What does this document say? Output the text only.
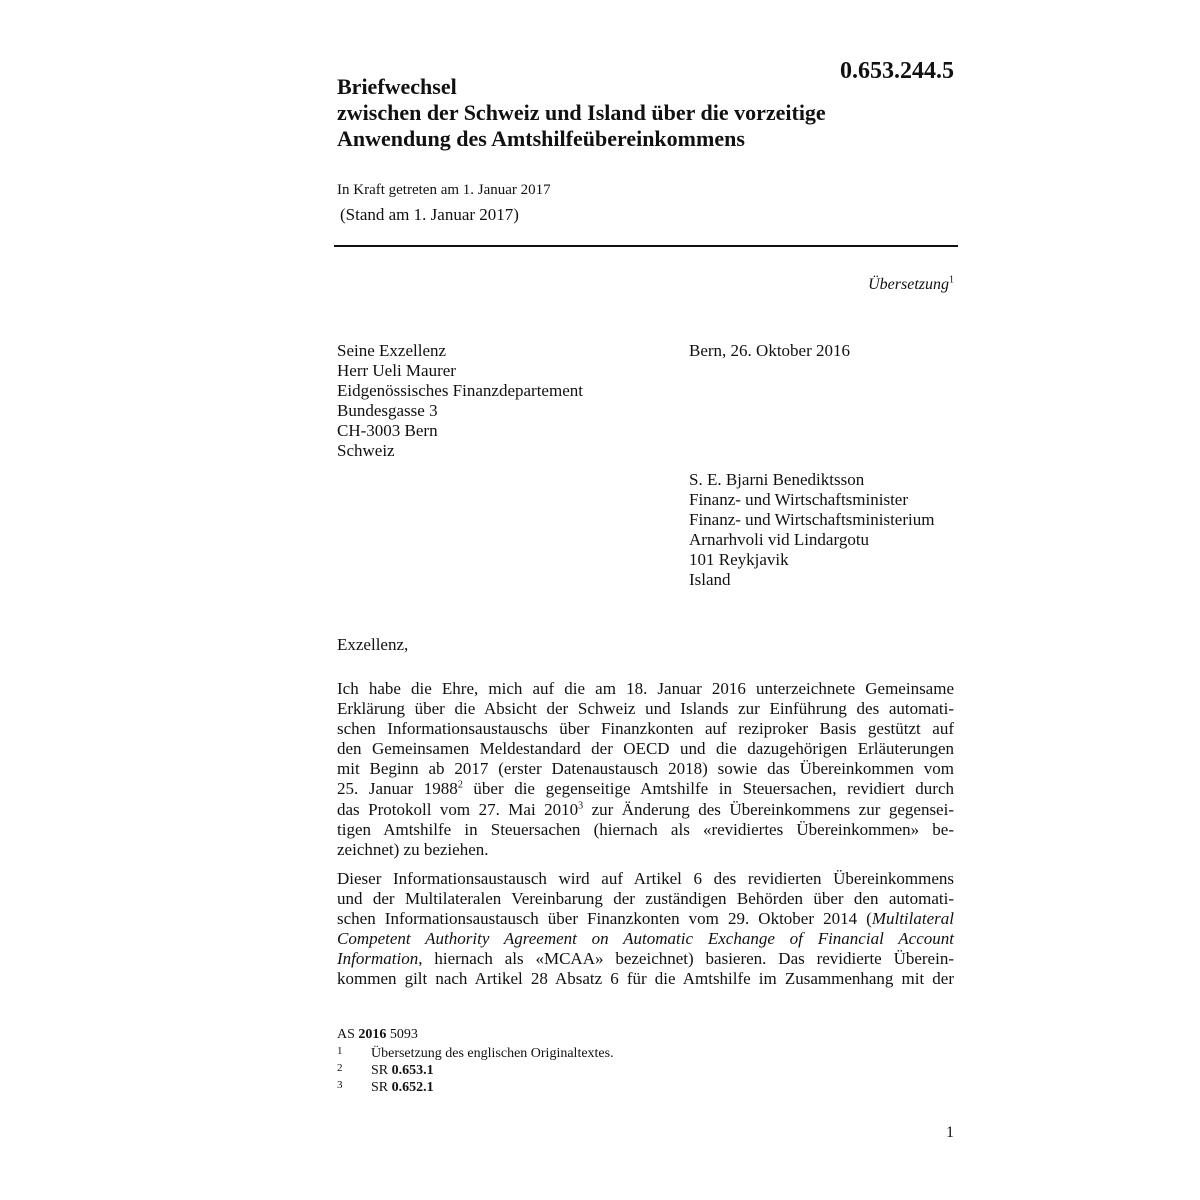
0.653.244.5
Briefwechsel
zwischen der Schweiz und Island über die vorzeitige
Anwendung des Amtshilfeübereinkommens
In Kraft getreten am 1. Januar 2017
(Stand am 1. Januar 2017)
Übersetzung$^1$
Seine Exzellenz
Herr Ueli Maurer
Eidgenössisches Finanzdepartement
Bundesgasse 3
CH-3003 Bern
Schweiz
Bern, 26. Oktober 2016
S. E. Bjarni Benediktsson
Finanz- und Wirtschaftsminister
Finanz- und Wirtschaftsministerium
Arnarhvoli vid Lindargotu
101 Reykjavik
Island
Exzellenz,
Ich habe die Ehre, mich auf die am 18. Januar 2016 unterzeichnete Gemeinsame
Erklärung über die Absicht der Schweiz und Islands zur Einführung des automati-
schen Informationsaustauschs über Finanzkonten auf reziproker Basis gestützt auf
den Gemeinsamen Meldestandard der OECD und die dazugehörigen Erläuterungen
mit Beginn ab 2017 (erster Datenaustausch 2018) sowie das Übereinkommen vom
25. Januar 1988$^2$ über die gegenseitige Amtshilfe in Steuersachen, revidiert durch
das Protokoll vom 27. Mai 2010$^3$ zur Änderung des Übereinkommens zur gegensei-
tigen Amtshilfe in Steuersachen (hiernach als «revidiertes Übereinkommen» be-
zeichnet) zu beziehen.
Dieser Informationsaustausch wird auf Artikel 6 des revidierten Übereinkommens
und der Multilateralen Vereinbarung der zuständigen Behörden über den automati-
schen Informationsaustausch über Finanzkonten vom 29. Oktober 2014 (Multilateral
Competent Authority Agreement on Automatic Exchange of Financial Account
Information, hiernach als «MCAA» bezeichnet) basieren. Das revidierte Überein-
kommen gilt nach Artikel 28 Absatz 6 für die Amtshilfe im Zusammenhang mit der
AS 2016 5093
1 Übersetzung des englischen Originaltextes.
2 SR 0.653.1
3 SR 0.652.1
1
